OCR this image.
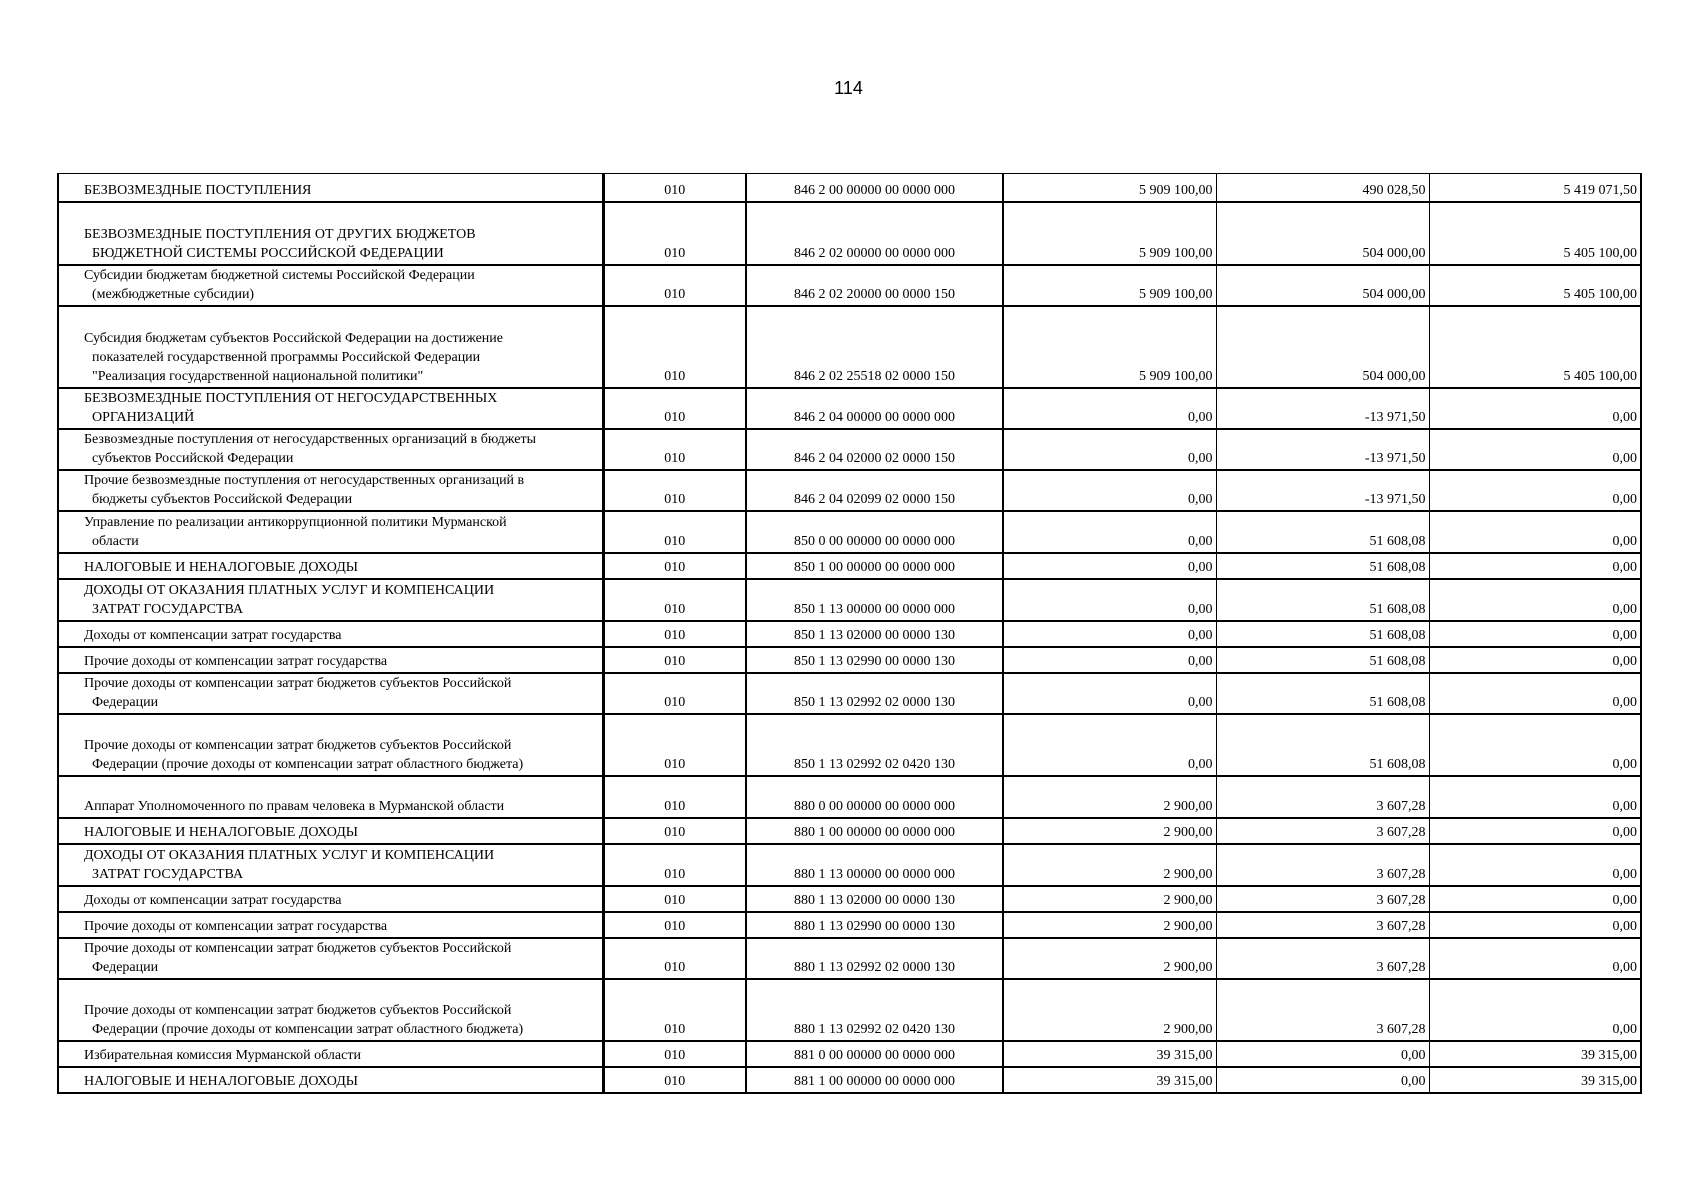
114
БЕЗВОЗМЕЗДНЫЕ ПОСТУПЛЕНИЯ	010	846 2 00 00000 00 0000 000	5 909 100,00	490 028,50	5 419 071,50
БЕЗВОЗМЕЗДНЫЕ ПОСТУПЛЕНИЯ ОТ ДРУГИХ БЮДЖЕТОВ
БЮДЖЕТНОЙ СИСТЕМЫ РОССИЙСКОЙ ФЕДЕРАЦИИ	010	846 2 02 00000 00 0000 000	5 909 100,00	504 000,00	5 405 100,00
Субсидии бюджетам бюджетной системы Российской Федерации
(межбюджетные субсидии)	010	846 2 02 20000 00 0000 150	5 909 100,00	504 000,00	5 405 100,00
Субсидия бюджетам субъектов Российской Федерации на достижение
показателей государственной программы Российской Федерации
"Реализация государственной национальной политики"	010	846 2 02 25518 02 0000 150	5 909 100,00	504 000,00	5 405 100,00
БЕЗВОЗМЕЗДНЫЕ ПОСТУПЛЕНИЯ ОТ НЕГОСУДАРСТВЕННЫХ
ОРГАНИЗАЦИЙ	010	846 2 04 00000 00 0000 000	0,00	-13 971,50	0,00
Безвозмездные поступления от негосударственных организаций в бюджеты
субъектов Российской Федерации	010	846 2 04 02000 02 0000 150	0,00	-13 971,50	0,00
Прочие безвозмездные поступления от негосударственных организаций в
бюджеты субъектов Российской Федерации	010	846 2 04 02099 02 0000 150	0,00	-13 971,50	0,00
Управление по реализации антикоррупционной политики Мурманской
области	010	850 0 00 00000 00 0000 000	0,00	51 608,08	0,00
НАЛОГОВЫЕ И НЕНАЛОГОВЫЕ ДОХОДЫ	010	850 1 00 00000 00 0000 000	0,00	51 608,08	0,00
ДОХОДЫ ОТ ОКАЗАНИЯ ПЛАТНЫХ УСЛУГ И КОМПЕНСАЦИИ
ЗАТРАТ ГОСУДАРСТВА	010	850 1 13 00000 00 0000 000	0,00	51 608,08	0,00
Доходы от компенсации затрат государства	010	850 1 13 02000 00 0000 130	0,00	51 608,08	0,00
Прочие доходы от компенсации затрат государства	010	850 1 13 02990 00 0000 130	0,00	51 608,08	0,00
Прочие доходы от компенсации затрат бюджетов субъектов Российской
Федерации	010	850 1 13 02992 02 0000 130	0,00	51 608,08	0,00
Прочие доходы от компенсации затрат бюджетов субъектов Российской
Федерации (прочие доходы от компенсации затрат областного бюджета)	010	850 1 13 02992 02 0420 130	0,00	51 608,08	0,00
Аппарат Уполномоченного по правам человека в Мурманской области	010	880 0 00 00000 00 0000 000	2 900,00	3 607,28	0,00
НАЛОГОВЫЕ И НЕНАЛОГОВЫЕ ДОХОДЫ	010	880 1 00 00000 00 0000 000	2 900,00	3 607,28	0,00
ДОХОДЫ ОТ ОКАЗАНИЯ ПЛАТНЫХ УСЛУГ И КОМПЕНСАЦИИ
ЗАТРАТ ГОСУДАРСТВА	010	880 1 13 00000 00 0000 000	2 900,00	3 607,28	0,00
Доходы от компенсации затрат государства	010	880 1 13 02000 00 0000 130	2 900,00	3 607,28	0,00
Прочие доходы от компенсации затрат государства	010	880 1 13 02990 00 0000 130	2 900,00	3 607,28	0,00
Прочие доходы от компенсации затрат бюджетов субъектов Российской
Федерации	010	880 1 13 02992 02 0000 130	2 900,00	3 607,28	0,00
Прочие доходы от компенсации затрат бюджетов субъектов Российской
Федерации (прочие доходы от компенсации затрат областного бюджета)	010	880 1 13 02992 02 0420 130	2 900,00	3 607,28	0,00
Избирательная комиссия Мурманской области	010	881 0 00 00000 00 0000 000	39 315,00	0,00	39 315,00
НАЛОГОВЫЕ И НЕНАЛОГОВЫЕ ДОХОДЫ	010	881 1 00 00000 00 0000 000	39 315,00	0,00	39 315,00
